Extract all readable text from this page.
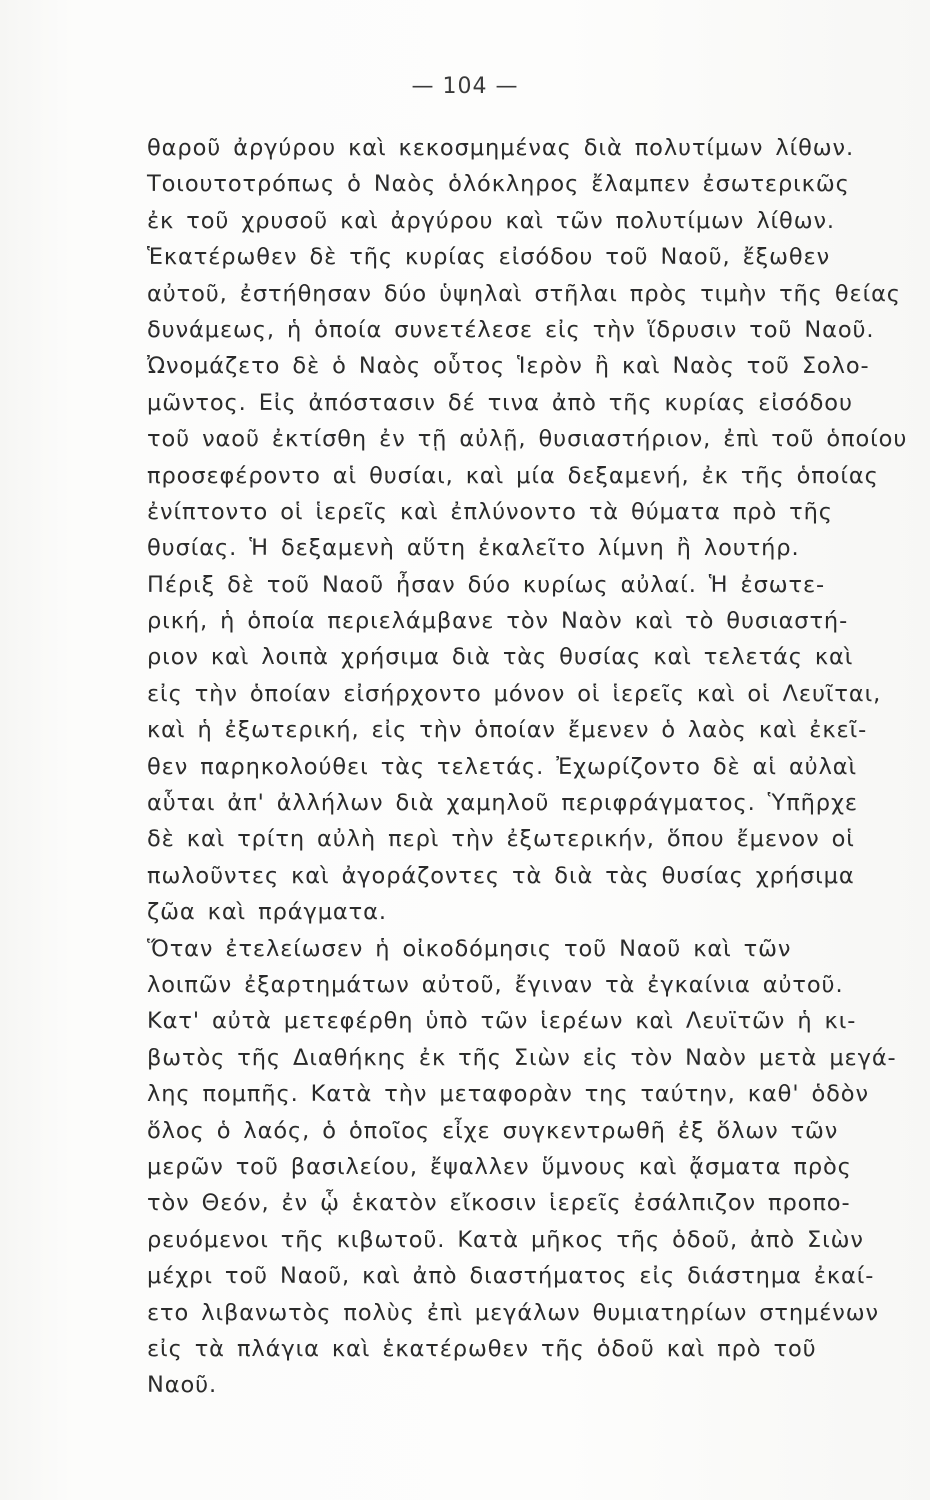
— 104 —
θαροῦ ἀργύρου καὶ κεκοσμημένας διὰ πολυτίμων λίθων.
Τοιουτοτρόπως ὁ Ναὸς ὁλόκληρος ἔλαμπεν ἐσωτερικῶς
ἐκ τοῦ χρυσοῦ καὶ ἀργύρου καὶ τῶν πολυτίμων λίθων.
Ἑκατέρωθεν δὲ τῆς κυρίας εἰσόδου τοῦ Ναοῦ, ἔξωθεν
αὐτοῦ, ἐστήθησαν δύο ὑψηλαὶ στῆλαι πρὸς τιμὴν τῆς θείας
δυνάμεως, ἡ ὁποία συνετέλεσε εἰς τὴν ἵδρυσιν τοῦ Ναοῦ.
Ὠνομάζετο δὲ ὁ Ναὸς οὗτος Ἱερὸν ἢ καὶ Ναὸς τοῦ Σολο-
μῶντος. Εἰς ἀπόστασιν δέ τινα ἀπὸ τῆς κυρίας εἰσόδου
τοῦ ναοῦ ἐκτίσθη ἐν τῇ αὐλῇ, θυσιαστήριον, ἐπὶ τοῦ ὁποίου
προσεφέροντο αἱ θυσίαι, καὶ μία δεξαμενή, ἐκ τῆς ὁποίας
ἐνίπτοντο οἱ ἱερεῖς καὶ ἐπλύνοντο τὰ θύματα πρὸ τῆς
θυσίας. Ἡ δεξαμενὴ αὕτη ἐκαλεῖτο λίμνη ἢ λουτήρ.
Πέριξ δὲ τοῦ Ναοῦ ἦσαν δύο κυρίως αὐλαί. Ἡ ἐσωτε-
ρική, ἡ ὁποία περιελάμβανε τὸν Ναὸν καὶ τὸ θυσιαστή-
ριον καὶ λοιπὰ χρήσιμα διὰ τὰς θυσίας καὶ τελετάς καὶ
εἰς τὴν ὁποίαν εἰσήρχοντο μόνον οἱ ἱερεῖς καὶ οἱ Λευῖται,
καὶ ἡ ἐξωτερική, εἰς τὴν ὁποίαν ἔμενεν ὁ λαὸς καὶ ἐκεῖ-
θεν παρηκολούθει τὰς τελετάς. Ἐχωρίζοντο δὲ αἱ αὐλαὶ
αὗται ἀπ' ἀλλήλων διὰ χαμηλοῦ περιφράγματος. Ὑπῆρχε
δὲ καὶ τρίτη αὐλὴ περὶ τὴν ἐξωτερικήν, ὅπου ἔμενον οἱ
πωλοῦντες καὶ ἀγοράζοντες τὰ διὰ τὰς θυσίας χρήσιμα
ζῶα καὶ πράγματα.
Ὅταν ἐτελείωσεν ἡ οἰκοδόμησις τοῦ Ναοῦ καὶ τῶν
λοιπῶν ἐξαρτημάτων αὐτοῦ, ἔγιναν τὰ ἐγκαίνια αὐτοῦ.
Κατ' αὐτὰ μετεφέρθη ὑπὸ τῶν ἱερέων καὶ Λευϊτῶν ἡ κι-
βωτὸς τῆς Διαθήκης ἐκ τῆς Σιὼν εἰς τὸν Ναὸν μετὰ μεγά-
λης πομπῆς. Κατὰ τὴν μεταφορὰν της ταύτην, καθ' ὁδὸν
ὅλος ὁ λαός, ὁ ὁποῖος εἶχε συγκεντρωθῆ ἐξ ὅλων τῶν
μερῶν τοῦ βασιλείου, ἔψαλλεν ὕμνους καὶ ᾄσματα πρὸς
τὸν Θεόν, ἐν ᾧ ἑκατὸν εἴκοσιν ἱερεῖς ἐσάλπιζον προπο-
ρευόμενοι τῆς κιβωτοῦ. Κατὰ μῆκος τῆς ὁδοῦ, ἀπὸ Σιὼν
μέχρι τοῦ Ναοῦ, καὶ ἀπὸ διαστήματος εἰς διάστημα ἐκαί-
ετο λιβανωτὸς πολὺς ἐπὶ μεγάλων θυμιατηρίων στημένων
εἰς τὰ πλάγια καὶ ἑκατέρωθεν τῆς ὁδοῦ καὶ πρὸ τοῦ
Ναοῦ.
